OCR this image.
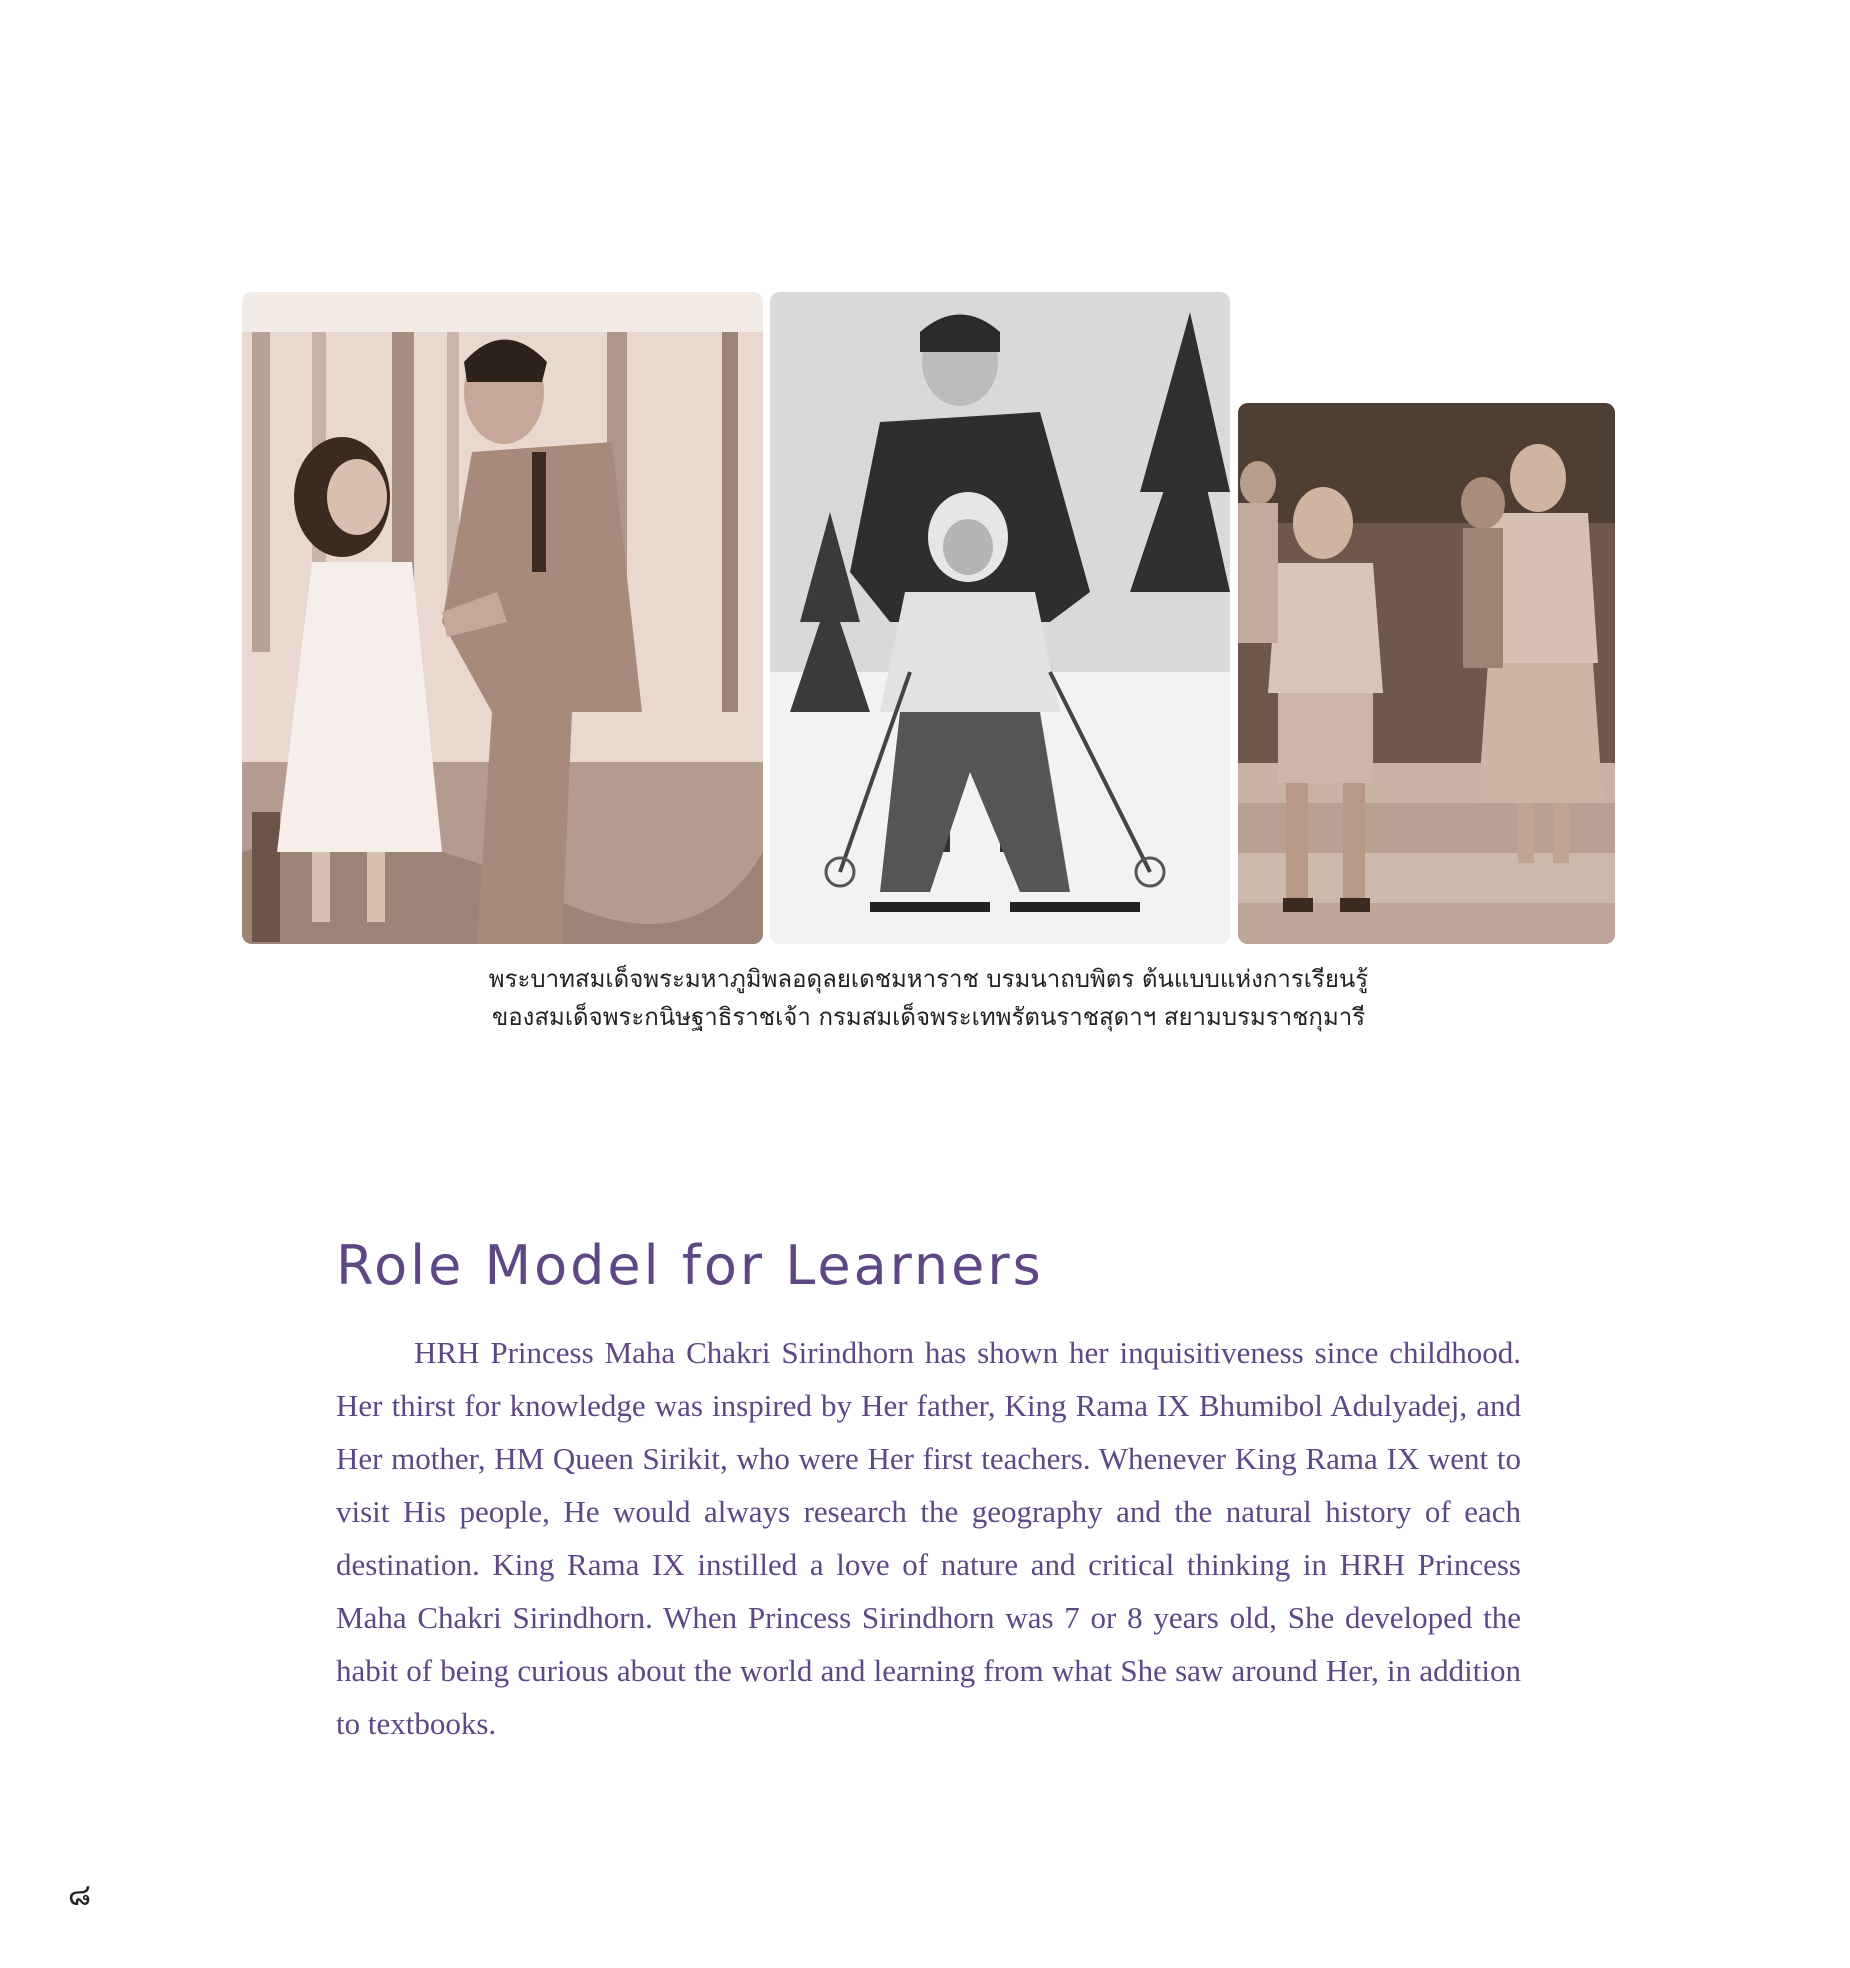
พระบาทสมเด็จพระมหาภูมิพลอดุลยเดชมหาราช บรมนาถบพิตร ต้นแบบแห่งการเรียนรู้
ของสมเด็จพระกนิษฐาธิราชเจ้า กรมสมเด็จพระเทพรัตนราชสุดาฯ สยามบรมราชกุมารี
Role Model for Learners

HRH Princess Maha Chakri Sirindhorn has shown her inquisitiveness since childhood. Her thirst for knowledge was inspired by Her father, King Rama IX Bhumibol Adulyadej, and Her mother, HM Queen Sirikit, who were Her first teachers. Whenever King Rama IX went to visit His people, He would always research the geography and the natural history of each destination. King Rama IX instilled a love of nature and critical thinking in HRH Princess Maha Chakri Sirindhorn. When Princess Sirindhorn was 7 or 8 years old, She developed the habit of being curious about the world and learning from what She saw around Her, in addition to textbooks.

๘
